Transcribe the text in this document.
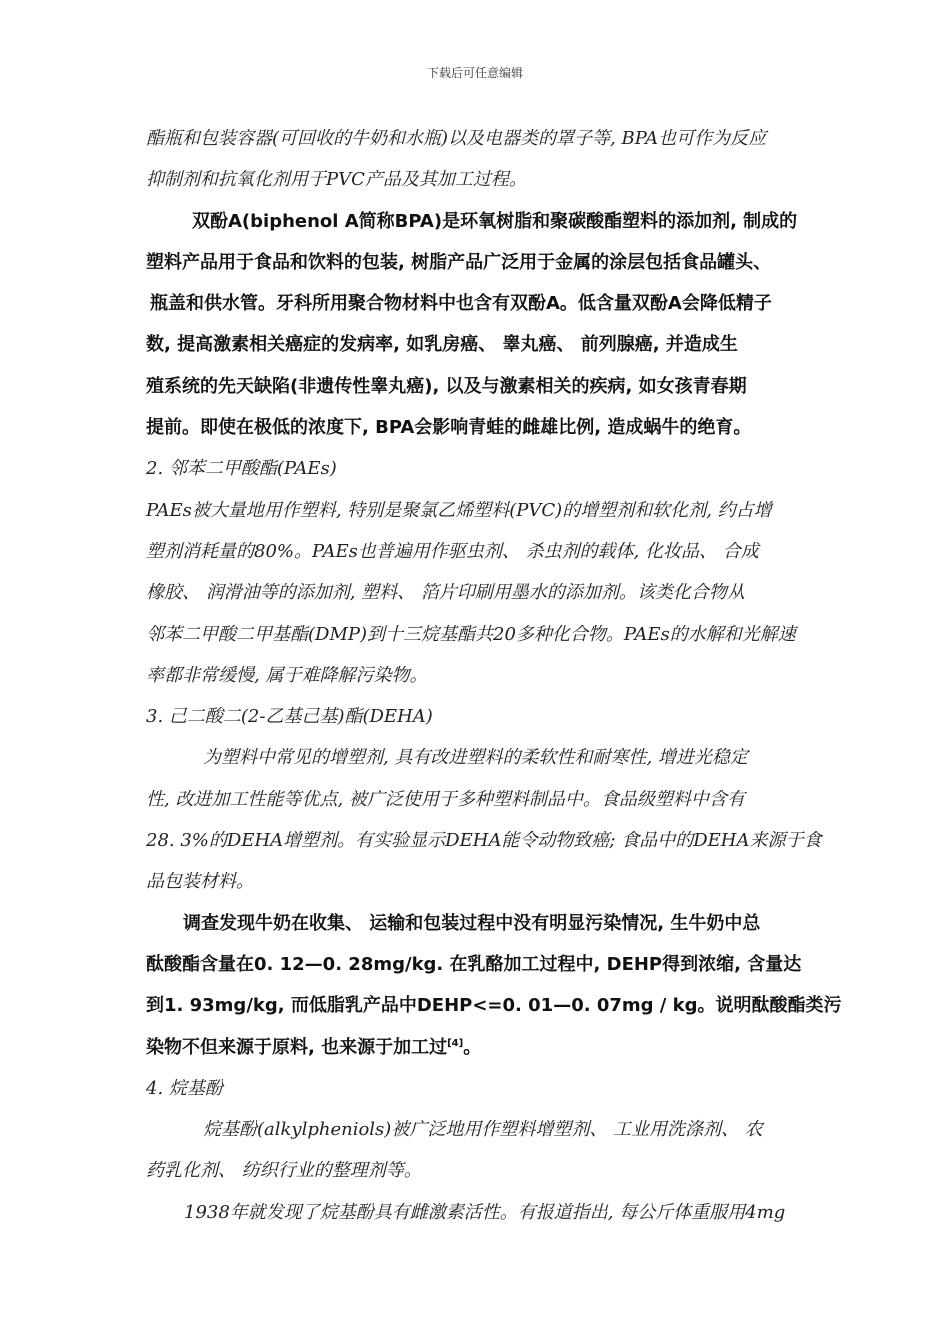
下载后可任意编辑
酯瓶和包装容器(可回收的牛奶和水瓶)以及电器类的罩子等, BPA也可作为反应
抑制剂和抗氧化剂用于PVC产品及其加工过程。
双酚A(biphenol A简称BPA)是环氧树脂和聚碳酸酯塑料的添加剂, 制成的
塑料产品用于食品和饮料的包装, 树脂产品广泛用于金属的涂层包括食品罐头、
瓶盖和供水管。牙科所用聚合物材料中也含有双酚A。低含量双酚A会降低精子
数, 提高激素相关癌症的发病率, 如乳房癌、 睾丸癌、 前列腺癌, 并造成生
殖系统的先天缺陷(非遗传性睾丸癌), 以及与激素相关的疾病, 如女孩青春期
提前。即使在极低的浓度下, BPA会影响青蛙的雌雄比例, 造成蜗牛的绝育。
2. 邻苯二甲酸酯(PAEs)
PAEs被大量地用作塑料, 特别是聚氯乙烯塑料(PVC)的增塑剂和软化剂, 约占增
塑剂消耗量的80%。PAEs也普遍用作驱虫剂、 杀虫剂的载体, 化妆品、 合成
橡胶、 润滑油等的添加剂, 塑料、 箔片印刷用墨水的添加剂。该类化合物从
邻苯二甲酸二甲基酯(DMP)到十三烷基酯共20多种化合物。PAEs的水解和光解速
率都非常缓慢, 属于难降解污染物。
3. 己二酸二(2-乙基己基)酯(DEHA)
为塑料中常见的增塑剂, 具有改进塑料的柔软性和耐寒性, 增进光稳定
性, 改进加工性能等优点, 被广泛使用于多种塑料制品中。食品级塑料中含有
28. 3%的DEHA增塑剂。有实验显示DEHA能令动物致癌; 食品中的DEHA来源于食
品包装材料。
调查发现牛奶在收集、 运输和包装过程中没有明显污染情况, 生牛奶中总
酞酸酯含量在0. 12—0. 28mg/kg. 在乳酪加工过程中, DEHP得到浓缩, 含量达
到1. 93mg/kg, 而低脂乳产品中DEHP<=0. 01—0. 07mg / kg。说明酞酸酯类污
染物不但来源于原料, 也来源于加工过[4]。
4. 烷基酚
烷基酚(alkylpheniols)被广泛地用作塑料增塑剂、 工业用洗涤剂、 农
药乳化剂、 纺织行业的整理剂等。
1938年就发现了烷基酚具有雌激素活性。有报道指出, 每公斤体重服用4mg
